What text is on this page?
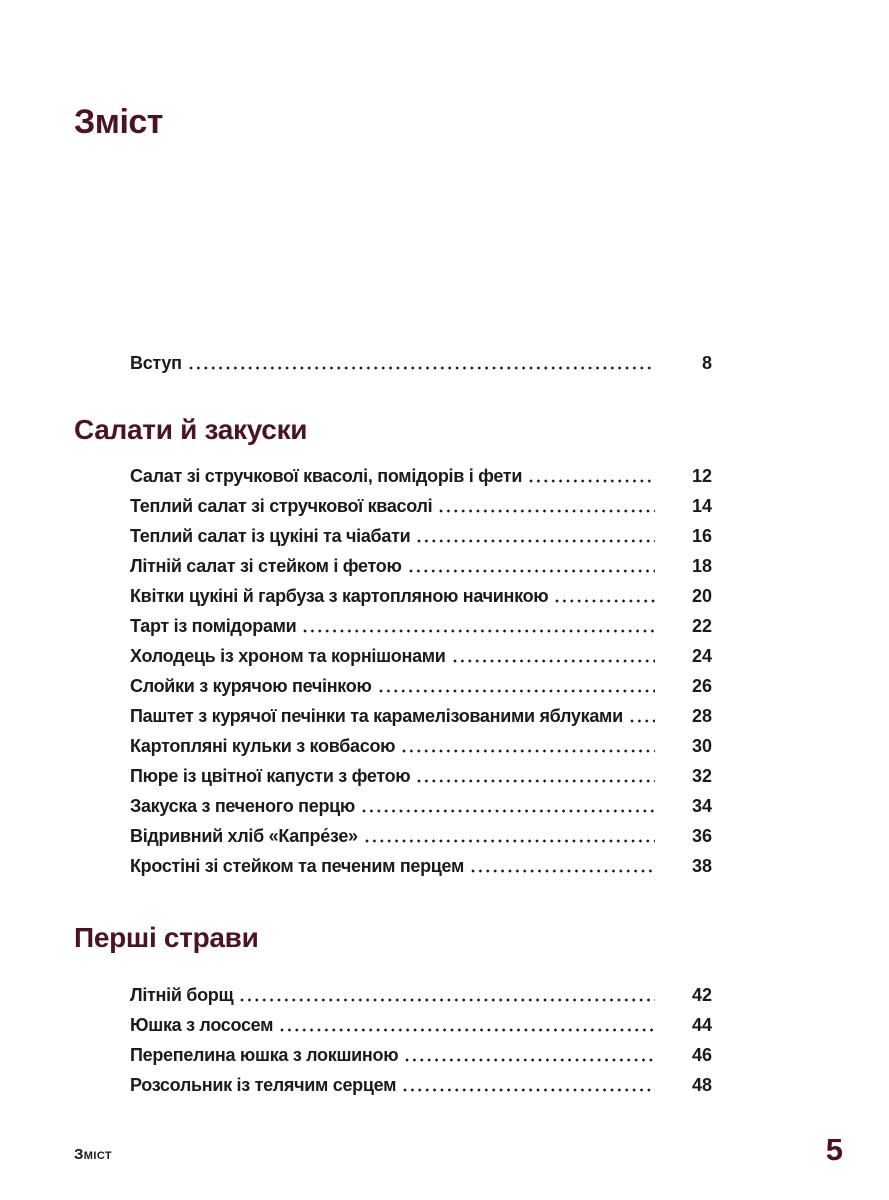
Зміст
Вступ	8
Салати й закуски
Салат зі стручкової квасолі, помідорів і фети	12
Теплий салат зі стручкової квасолі	14
Теплий салат із цукіні та чіабати	16
Літній салат зі стейком і фетою	18
Квітки цукіні й гарбуза з картопляною начинкою	20
Тарт із помідорами	22
Холодець із хроном та корнішонами	24
Слойки з курячою печінкою	26
Паштет з курячої печінки та карамелізованими яблуками	28
Картопляні кульки з ковбасою	30
Пюре із цвітної капусти з фетою	32
Закуска з печеного перцю	34
Відривний хліб «Капре́зе»	36
Кростіні зі стейком та печеним перцем	38
Перші страви
Літній борщ	42
Юшка з лососем	44
Перепелина юшка з локшиною	46
Розсольник із телячим серцем	48
Зміст	5
